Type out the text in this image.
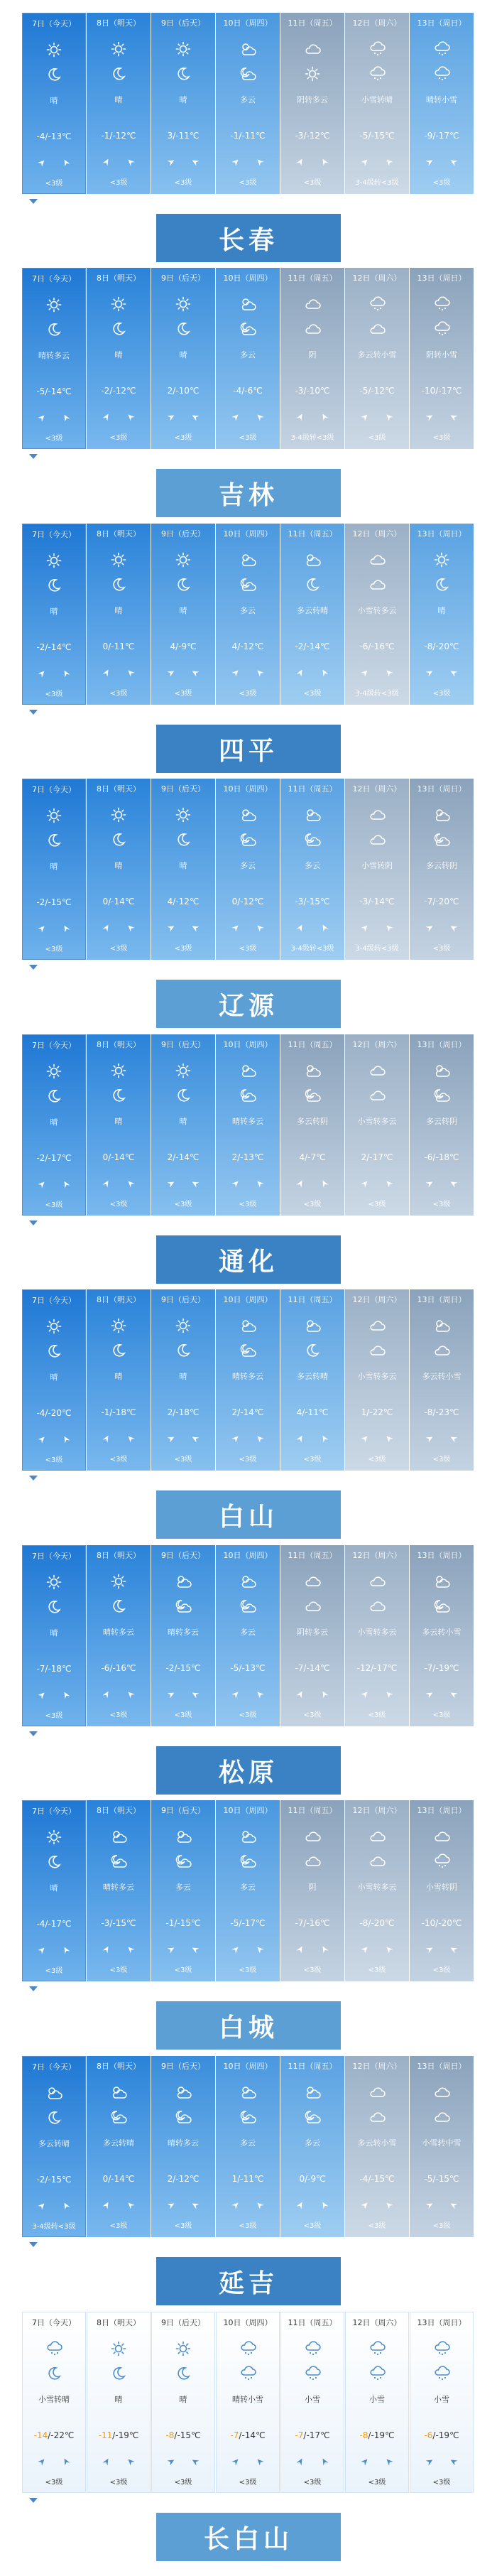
7日（今天）
晴
-4/-13℃
<3级
8日（明天）
晴
-1/-12℃
<3级
9日（后天）
晴
3/-11℃
<3级
10日（周四）
多云
-1/-11℃
<3级
11日（周五）
阴转多云
-3/-12℃
<3级
12日（周六）
小雪转晴
-5/-15℃
3-4级转<3级
13日（周日）
晴转小雪
-9/-17℃
<3级
长春
7日（今天）
晴转多云
-5/-14℃
<3级
8日（明天）
晴
-2/-12℃
<3级
9日（后天）
晴
2/-10℃
<3级
10日（周四）
多云
-4/-6℃
<3级
11日（周五）
阴
-3/-10℃
3-4级转<3级
12日（周六）
多云转小雪
-5/-12℃
<3级
13日（周日）
阴转小雪
-10/-17℃
<3级
吉林
7日（今天）
晴
-2/-14℃
<3级
8日（明天）
晴
0/-11℃
<3级
9日（后天）
晴
4/-9℃
<3级
10日（周四）
多云
4/-12℃
<3级
11日（周五）
多云转晴
-2/-14℃
<3级
12日（周六）
小雪转多云
-6/-16℃
3-4级转<3级
13日（周日）
晴
-8/-20℃
<3级
四平
7日（今天）
晴
-2/-15℃
<3级
8日（明天）
晴
0/-14℃
<3级
9日（后天）
晴
4/-12℃
<3级
10日（周四）
多云
0/-12℃
<3级
11日（周五）
多云
-3/-15℃
3-4级转<3级
12日（周六）
小雪转阴
-3/-14℃
3-4级转<3级
13日（周日）
多云转阴
-7/-20℃
<3级
辽源
7日（今天）
晴
-2/-17℃
<3级
8日（明天）
晴
0/-14℃
<3级
9日（后天）
晴
2/-14℃
<3级
10日（周四）
晴转多云
2/-13℃
<3级
11日（周五）
多云转阴
4/-7℃
<3级
12日（周六）
小雪转多云
2/-17℃
<3级
13日（周日）
多云转阴
-6/-18℃
<3级
通化
7日（今天）
晴
-4/-20℃
<3级
8日（明天）
晴
-1/-18℃
<3级
9日（后天）
晴
2/-18℃
<3级
10日（周四）
晴转多云
2/-14℃
<3级
11日（周五）
多云转晴
4/-11℃
<3级
12日（周六）
小雪转多云
1/-22℃
<3级
13日（周日）
多云转小雪
-8/-23℃
<3级
白山
7日（今天）
晴
-7/-18℃
<3级
8日（明天）
晴转多云
-6/-16℃
<3级
9日（后天）
晴转多云
-2/-15℃
<3级
10日（周四）
多云
-5/-13℃
<3级
11日（周五）
阴转多云
-7/-14℃
<3级
12日（周六）
小雪转多云
-12/-17℃
<3级
13日（周日）
多云转小雪
-7/-19℃
<3级
松原
7日（今天）
晴
-4/-17℃
<3级
8日（明天）
晴转多云
-3/-15℃
<3级
9日（后天）
多云
-1/-15℃
<3级
10日（周四）
多云
-5/-17℃
<3级
11日（周五）
阴
-7/-16℃
<3级
12日（周六）
小雪转多云
-8/-20℃
<3级
13日（周日）
小雪转阴
-10/-20℃
<3级
白城
7日（今天）
多云转晴
-2/-15℃
3-4级转<3级
8日（明天）
多云转晴
0/-14℃
<3级
9日（后天）
晴转多云
2/-12℃
<3级
10日（周四）
多云
1/-11℃
<3级
11日（周五）
多云
0/-9℃
<3级
12日（周六）
多云转小雪
-4/-15℃
<3级
13日（周日）
小雪转中雪
-5/-15℃
<3级
延吉
7日（今天）
小雪转晴
-14/-22℃
<3级
8日（明天）
晴
-11/-19℃
<3级
9日（后天）
晴
-8/-15℃
<3级
10日（周四）
晴转小雪
-7/-14℃
<3级
11日（周五）
小雪
-7/-17℃
<3级
12日（周六）
小雪
-8/-19℃
<3级
13日（周日）
小雪
-6/-19℃
<3级
长白山
